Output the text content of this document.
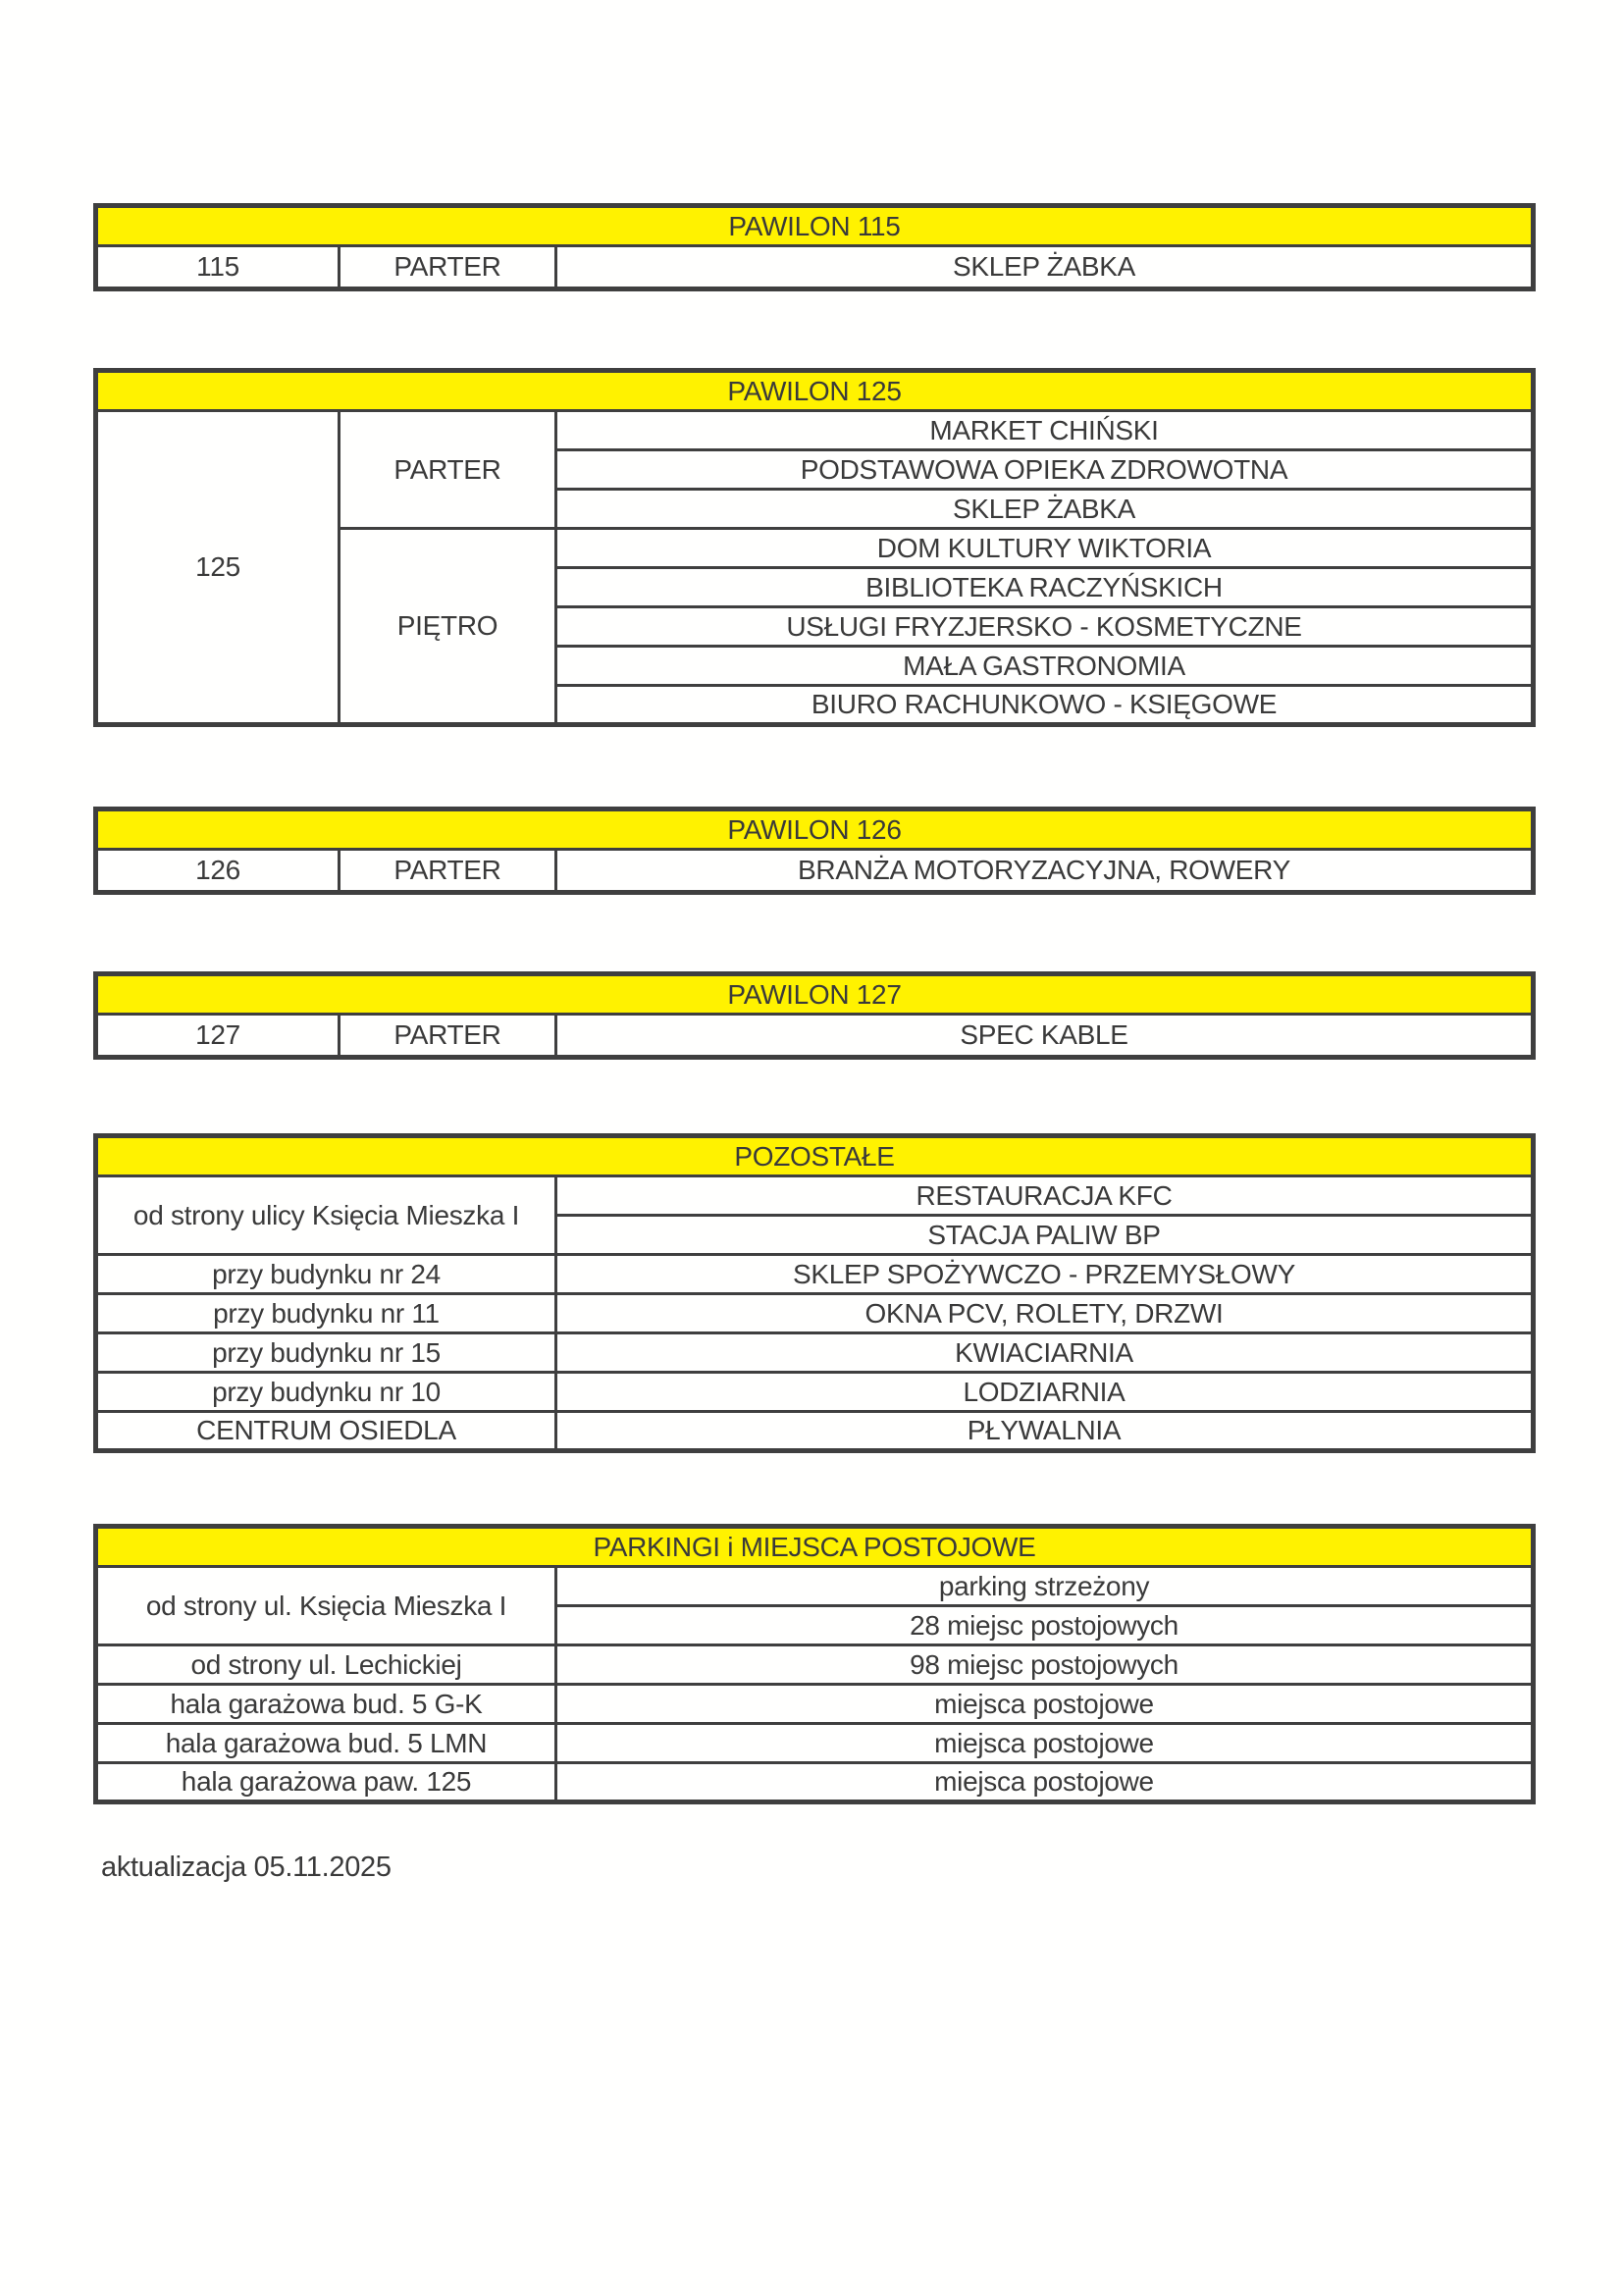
PAWILON 115
115	PARTER	SKLEP ŻABKA
PAWILON 125		
125	PARTER	MARKET CHIŃSKI
		PODSTAWOWA OPIEKA ZDROWOTNA
		SKLEP ŻABKA
	PIĘTRO	DOM KULTURY WIKTORIA
		BIBLIOTEKA RACZYŃSKICH
		USŁUGI FRYZJERSKO - KOSMETYCZNE
		MAŁA GASTRONOMIA
		BIURO RACHUNKOWO - KSIĘGOWE
PAWILON 126
126	PARTER	BRANŻA MOTORYZACYJNA, ROWERY
PAWILON 127
127	PARTER	SPEC KABLE
POZOSTAŁE	
od strony ulicy Księcia Mieszka I	RESTAURACJA KFC
	STACJA PALIW BP
przy budynku nr 24	SKLEP SPOŻYWCZO - PRZEMYSŁOWY
przy budynku nr 11	OKNA PCV, ROLETY, DRZWI
przy budynku nr 15	KWIACIARNIA
przy budynku nr 10	LODZIARNIA
CENTRUM OSIEDLA	PŁYWALNIA
PARKINGI i MIEJSCA POSTOJOWE	
od strony ul. Księcia Mieszka I	parking strzeżony
	28 miejsc postojowych
od strony ul. Lechickiej	98 miejsc postojowych
hala garażowa bud. 5 G-K	miejsca postojowe
hala garażowa bud. 5 LMN	miejsca postojowe
hala garażowa paw. 125	miejsca postojowe
aktualizacja 05.11.2025
